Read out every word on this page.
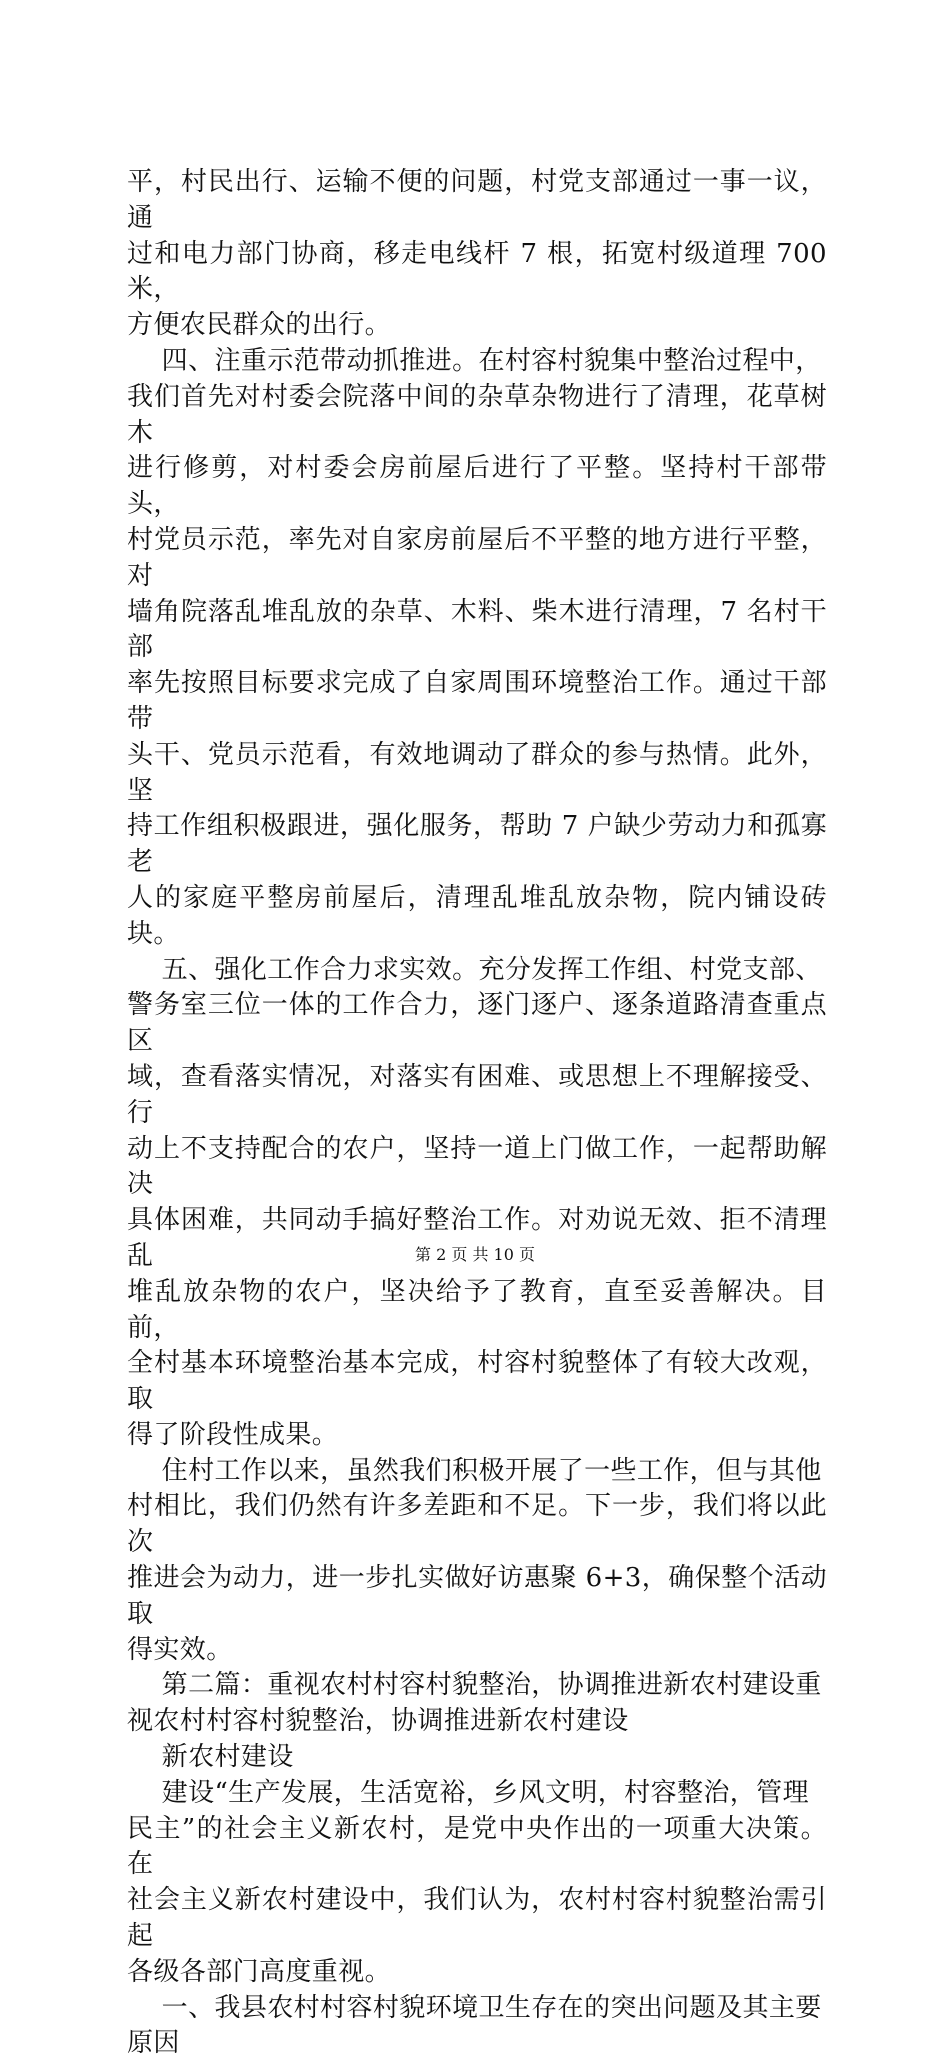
平，村民出行、运输不便的问题，村党支部通过一事一议，通

过和电力部门协商，移走电线杆 7 根，拓宽村级道理 700 米，

方便农民群众的出行。

四、注重示范带动抓推进。在村容村貌集中整治过程中，

我们首先对村委会院落中间的杂草杂物进行了清理，花草树木

进行修剪，对村委会房前屋后进行了平整。坚持村干部带头，

村党员示范，率先对自家房前屋后不平整的地方进行平整，对

墙角院落乱堆乱放的杂草、木料、柴木进行清理，7 名村干部

率先按照目标要求完成了自家周围环境整治工作。通过干部带

头干、党员示范看，有效地调动了群众的参与热情。此外，坚

持工作组积极跟进，强化服务，帮助 7 户缺少劳动力和孤寡老

人的家庭平整房前屋后，清理乱堆乱放杂物，院内铺设砖块。

五、强化工作合力求实效。充分发挥工作组、村党支部、

警务室三位一体的工作合力，逐门逐户、逐条道路清查重点区

域，查看落实情况，对落实有困难、或思想上不理解接受、行

动上不支持配合的农户，坚持一道上门做工作，一起帮助解决

具体困难，共同动手搞好整治工作。对劝说无效、拒不清理乱

堆乱放杂物的农户，坚决给予了教育，直至妥善解决。目前，

全村基本环境整治基本完成，村容村貌整体了有较大改观，取

得了阶段性成果。

住村工作以来，虽然我们积极开展了一些工作，但与其他

村相比，我们仍然有许多差距和不足。下一步，我们将以此次

推进会为动力，进一步扎实做好访惠聚 6+3，确保整个活动取

得实效。

第二篇：重视农村村容村貌整治，协调推进新农村建设重

视农村村容村貌整治，协调推进新农村建设

新农村建设

建设“生产发展，生活宽裕，乡风文明，村容整治，管理

民主”的社会主义新农村，是党中央作出的一项重大决策。在

社会主义新农村建设中，我们认为，农村村容村貌整治需引起

各级各部门高度重视。

一、我县农村村容村貌环境卫生存在的突出问题及其主要

原因

第 2 页 共 10 页
